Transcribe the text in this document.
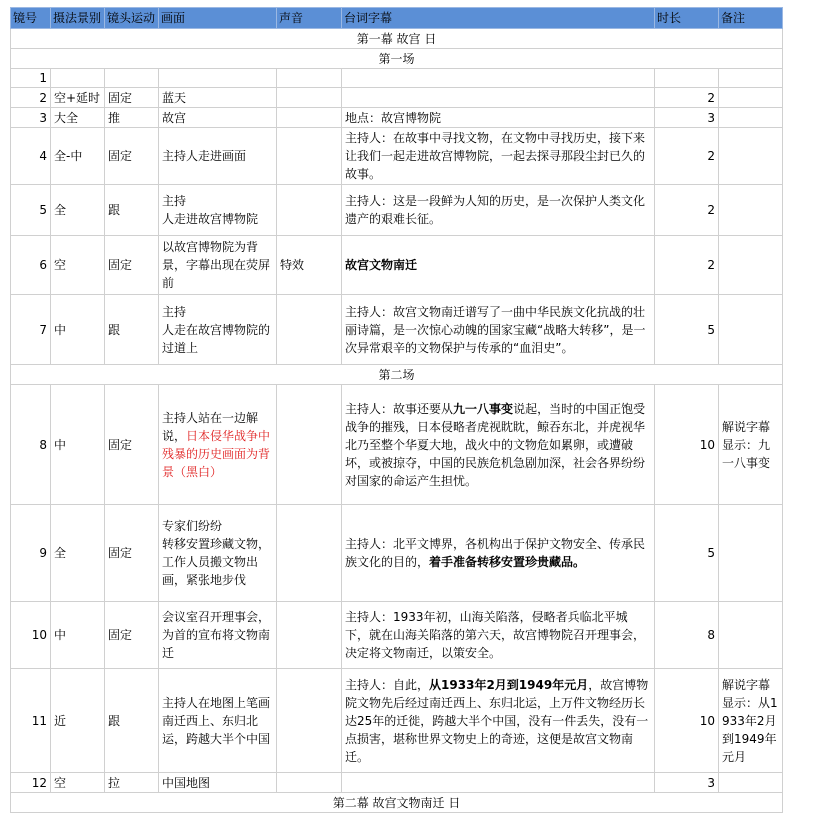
镜号	摄法景别	镜头运动	画面	声音	台词字幕	时长	备注
第一幕 故宫 日							
第一场							
1							
2	空+延时	固定	蓝天			2	
3	大全	推	故宫		地点：故宫博物院	3	
4	全-中	固定	主持人走进画面		主持人：在故事中寻找文物，在文物中寻找历史，接下来让我们一起走进故宫博物院，一起去探寻那段尘封已久的故事。	2	
5	全	跟	主持
人走进故宫博物院		主持人：这是一段鲜为人知的历史，是一次保护人类文化遗产的艰难长征。	2	
6	空	固定	以故宫博物院为背景，字幕出现在荧屏前	特效	故宫文物南迁	2	
7	中	跟	主持
人走在故宫博物院的过道上		主持人：故宫文物南迁谱写了一曲中华民族文化抗战的壮丽诗篇，是一次惊心动魄的国家宝藏“战略大转移”，是一次异常艰辛的文物保护与传承的“血泪史”。	5	
第二场							
8	中	固定	主持人站在一边解说，日本侵华战争中残暴的历史画面为背景（黑白）		主持人：故事还要从九一八事变说起，当时的中国正饱受战争的摧残，日本侵略者虎视眈眈，鲸吞东北，并虎视华北乃至整个华夏大地，战火中的文物危如累卵，或遭破坏，或被掠夺，中国的民族危机急剧加深，社会各界纷纷对国家的命运产生担忧。	10	解说字幕显示：九一八事变
9	全	固定	专家们纷纷
转移安置珍藏文物，工作人员搬文物出画，紧张地步伐		主持人：北平文博界，各机构出于保护文物安全、传承民族文化的目的，着手准备转移安置珍贵藏品。	5	
10	中	固定	会议室召开理事会，为首的宣布将文物南迁		主持人：1933年初，山海关陷落，侵略者兵临北平城下，就在山海关陷落的第六天，故宫博物院召开理事会，决定将文物南迁，以策安全。	8	
11	近	跟	主持人在地图上笔画南迁西上、东归北运，跨越大半个中国		主持人：自此，从1933年2月到1949年元月，故宫博物院文物先后经过南迁西上、东归北运，上万件文物经历长达25年的迁徙，跨越大半个中国，没有一件丢失，没有一点损害，堪称世界文物史上的奇迹，这便是故宫文物南迁。	10	解说字幕显示：从1933年2月到1949年元月
12	空	拉	中国地图			3	
第二幕 故宫文物南迁 日							
